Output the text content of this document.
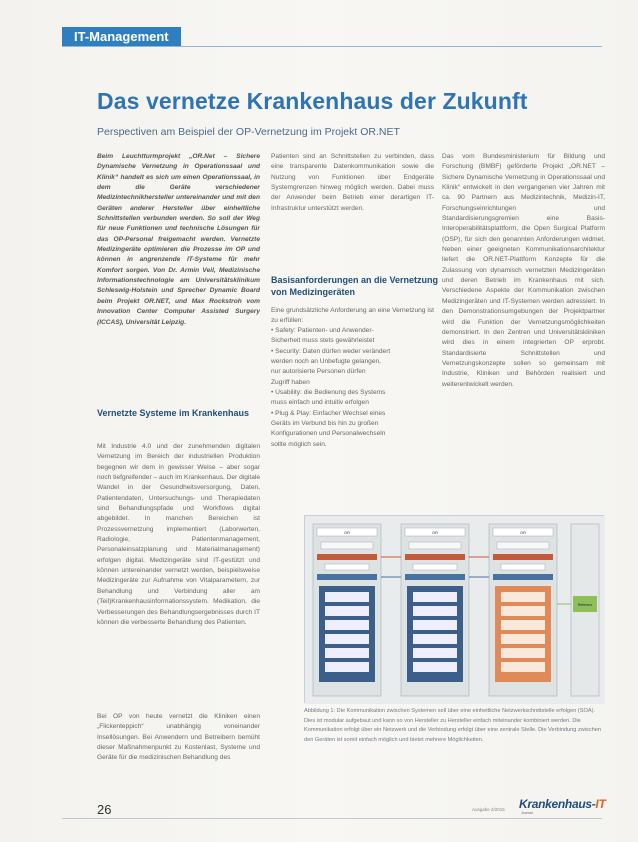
IT-Management
Das vernetze Krankenhaus der Zukunft
Perspectiven am Beispiel der OP-Vernetzung im Projekt OR.NET
Beim Leuchtturmprojekt „OR.Net – Sichere Dynamische Vernetzung in Operationssaal und Klinik“ handelt es sich um einen Operationssaal, in dem die Geräte verschiedener Medizintechnikhersteller untereinander und mit den Geräten anderer Hersteller über einheitliche Schnittstellen verbunden werden. So soll der Weg für neue Funktionen und technische Lösungen für das OP-Personal freigemacht werden. Vernetzte Medizingeräte optimieren die Prozesse im OP und können in angrenzende IT-Systeme für mehr Komfort sorgen. Von Dr. Armin Veil, Medizinische Informationstechnologie am Universitätsklinikum Schleswig-Holstein und Sprecher Dynamic Board beim Projekt OR.NET, und Max Rockstroh vom Innovation Center Computer Assisted Surgery (ICCAS), Universität Leipzig.
Vernetzte Systeme im Krankenhaus
Mit Industrie 4.0 und der zunehmenden digitalen Vernetzung im Bereich der industriellen Produktion begegnen wir dem in gewisser Weise – aber sogar noch tiefgreifender – auch im Krankenhaus. Der digitale Wandel in der Gesundheitsversorgung, Daten, Patientendaten, Untersuchungs- und Therapiedaten sind Behandlungspfade und Workflows digital abgebildet. In manchen Bereichen ist Prozessvernetzung implementiert (Laborwerten, Radiologie, Patientenmanagement, Personaleinsatzplanung und Materialmanagement) erfolgen digital. Medizingeräte sind IT-gestützt und können untereinander vernetzt werden, beispielsweise Medizingeräte zur Aufnahme von Vitalparametern, zur Behandlung und Verbindung aller am (Teil)Krankenhausinformationssystem. Medikation, die Verbesserungen des Behandlungsergebnisses durch IT können die verbesserte Behandlung des Patienten.
Bei OP von heute vernetzt die Kliniken einen „Flickenteppich“ unabhängig voneinander Insellösungen. Bei Anwendern und Betreibern bemüht dieser Maßnahmenpunkt zu Kostenlast, Systeme und Geräte für die medizinischen Behandlung des
Patienten sind an Schnittstellen zu verbinden, dass eine transparente Datenkommunikation sowie die Nutzung von Funktionen über Endgeräte Systemgrenzen hinweg möglich werden. Dabei muss der Anwender beim Betrieb einer derartigen IT-Infrastruktur unterstützt werden.
Basisanforderungen an die Vernetzung von Medizingeräten
Eine grundsätzliche Anforderung an eine Vernetzung ist zu erfüllen:
• Safety: Patienten- und Anwender-
Sicherheit muss stets gewährleistet
• Security: Daten dürfen weder verändert
werden noch an Unbefugte gelangen,
nur autorisierte Personen dürfen
Zugriff haben
• Usability: die Bedienung des Systems
muss einfach und intuitiv erfolgen
• Plug & Play: Einfacher Wechsel eines
Geräts im Verbund bis hin zu großen
Konfigurationen und Personalwechseln
sollte möglich sein.
Das vom Bundesministerium für Bildung und Forschung (BMBF) geförderte Projekt „OR.NET – Sichere Dynamische Vernetzung in Operationssaal und Klinik“ entwickelt in den vergangenen vier Jahren mit ca. 90 Partnern aus Medizintechnik, Medizin-IT, Forschungseinrichtungen und Standardisierungsgremien eine Basis-Interoperabilitätsplattform, die Open Surgical Platform (OSP), für sich den genannten Anforderungen widmet. Neben einer geeigneten Kommunikationsarchitektur liefert die OR.NET-Plattform Konzepte für die Zulassung von dynamisch vernetzten Medizingeräten und deren Betrieb im Krankenhaus mit sich. Verschiedene Aspekte der Kommunikation zwischen Medizingeräten und IT-Systemen werden adressiert. In den Demonstrationsumgebungen der Projektpartner wird die Funktion der Vernetzungsmöglichkeiten demonstriert. In den Zentren und Universitätskliniken wird dies in einem integrierten OP erprobt. Standardisierte Schnittstellen und Vernetzungskonzepte sollen so gemeinsam mit Industrie, Kliniken und Behörden realisiert und weiterentwickelt werden.
OR	OR	OR
Referenz
Abbildung 1: Die Kommunikation zwischen Systemen soll über eine einheitliche Netzwerkschnittstelle erfolgen (SOA). Dies ist modular aufgebaut und kann so von Hersteller zu Hersteller einfach miteinander kombiniert werden. Die Kommunikation erfolgt über ein Netzwerk und die Verbindung erfolgt über eine zentrale Stelle. Die Verbindung zwischen den Geräten ist somit einfach möglich und bietet mehrere Möglichkeiten.
26	Ausgabe 2/2015 Krankenhaus-IT
Journal
